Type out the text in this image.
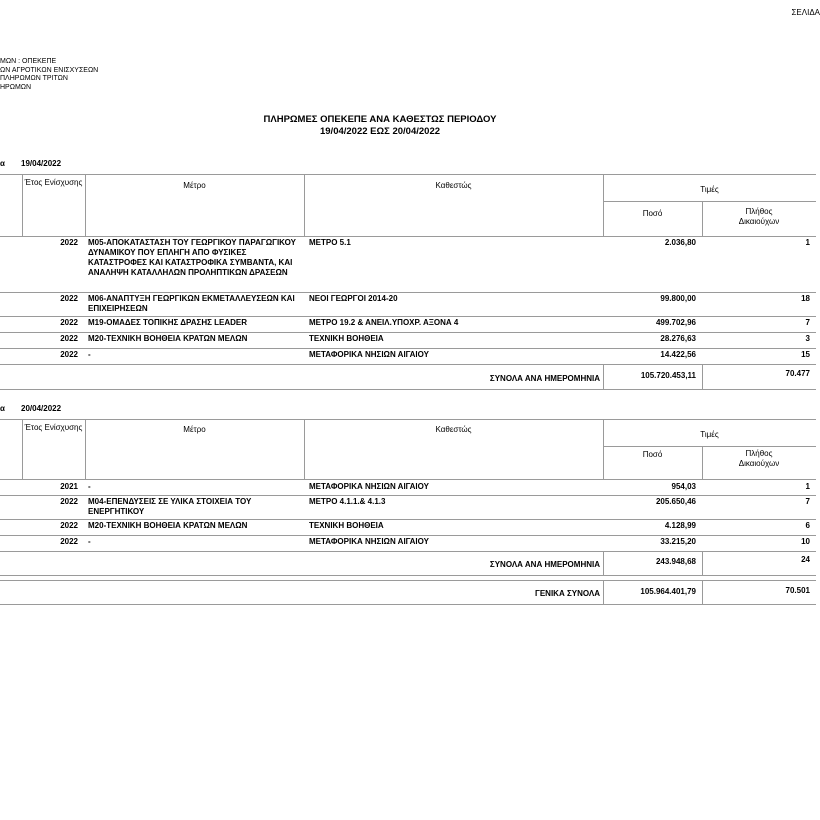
ΣΕΛΙΔΑ
ΜΩΝ : ΟΠΕΚΕΠΕ
ΩΝ ΑΓΡΟΤΙΚΩΝ ΕΝΙΣΧΥΣΕΩΝ
ΠΛΗΡΩΜΩΝ ΤΡΙΤΩΝ
ΗΡΩΜΩΝ
ΠΛΗΡΩΜΕΣ ΟΠΕΚΕΠΕ ΑΝΑ ΚΑΘΕΣΤΩΣ ΠΕΡΙΟΔΟΥ
19/04/2022 ΕΩΣ 20/04/2022
α 19/04/2022
Έτος Ενίσχυσης	Μέτρο	Καθεστώς	Τιμές
Ποσό	Πλήθος Δικαιούχων
2022 Μ05-ΑΠΟΚΑΤΑΣΤΑΣΗ ΤΟΥ ΓΕΩΡΓΙΚΟΥ ΠΑΡΑΓΩΓΙΚΟΥ ΔΥΝΑΜΙΚΟΥ ΠΟΥ ΕΠΛΗΓΗ ΑΠΟ ΦΥΣΙΚΕΣ ΚΑΤΑΣΤΡΟΦΕΣ ΚΑΙ ΚΑΤΑΣΤΡΟΦΙΚΑ ΣΥΜΒΑΝΤΑ, ΚΑΙ ΑΝΑΛΗΨΗ ΚΑΤΑΛΛΗΛΩΝ ΠΡΟΛΗΠΤΙΚΩΝ ΔΡΑΣΕΩΝ
ΜΕΤΡΟ 5.1	2.036,80	1
2022 Μ06-ΑΝΑΠΤΥΞΗ ΓΕΩΡΓΙΚΩΝ ΕΚΜΕΤΑΛΛΕΥΣΕΩΝ ΚΑΙ ΕΠΙΧΕΙΡΗΣΕΩΝ
ΝΕΟΙ ΓΕΩΡΓΟΙ 2014-20	99.800,00	18
2022 Μ19-ΟΜΑΔΕΣ ΤΟΠΙΚΗΣ ΔΡΑΣΗΣ LEADER	ΜΕΤΡΟ 19.2 & ΑΝΕΙΛ.ΥΠΟΧΡ. ΑΞΟΝΑ 4	499.702,96	7
2022 Μ20-ΤΕΧΝΙΚΗ ΒΟΗΘΕΙΑ ΚΡΑΤΩΝ ΜΕΛΩΝ	ΤΕΧΝΙΚΗ ΒΟΗΘΕΙΑ	28.276,63	3
2022 -	ΜΕΤΑΦΟΡΙΚΑ ΝΗΣΙΩΝ ΑΙΓΑΙΟΥ	14.422,56	15
ΣΥΝΟΛΑ ΑΝΑ ΗΜΕΡΟΜΗΝΙΑ	105.720.453,11	70.477
α 20/04/2022
Έτος Ενίσχυσης	Μέτρο	Καθεστώς
Τιμές
Ποσό	Πλήθος Δικαιούχων
2021 -	ΜΕΤΑΦΟΡΙΚΑ ΝΗΣΙΩΝ ΑΙΓΑΙΟΥ	954,03	1
2022 Μ04-ΕΠΕΝΔΥΣΕΙΣ ΣΕ ΥΛΙΚΑ ΣΤΟΙΧΕΙΑ ΤΟΥ ΕΝΕΡΓΗΤΙΚΟΥ
ΜΕΤΡΟ 4.1.1.& 4.1.3	205.650,46	7
2022 Μ20-ΤΕΧΝΙΚΗ ΒΟΗΘΕΙΑ ΚΡΑΤΩΝ ΜΕΛΩΝ	ΤΕΧΝΙΚΗ ΒΟΗΘΕΙΑ	4.128,99	6
2022 -	ΜΕΤΑΦΟΡΙΚΑ ΝΗΣΙΩΝ ΑΙΓΑΙΟΥ	33.215,20	10
ΣΥΝΟΛΑ ΑΝΑ ΗΜΕΡΟΜΗΝΙΑ	243.948,68	24
ΓΕΝΙΚΑ ΣΥΝΟΛΑ	105.964.401,79	70.501
